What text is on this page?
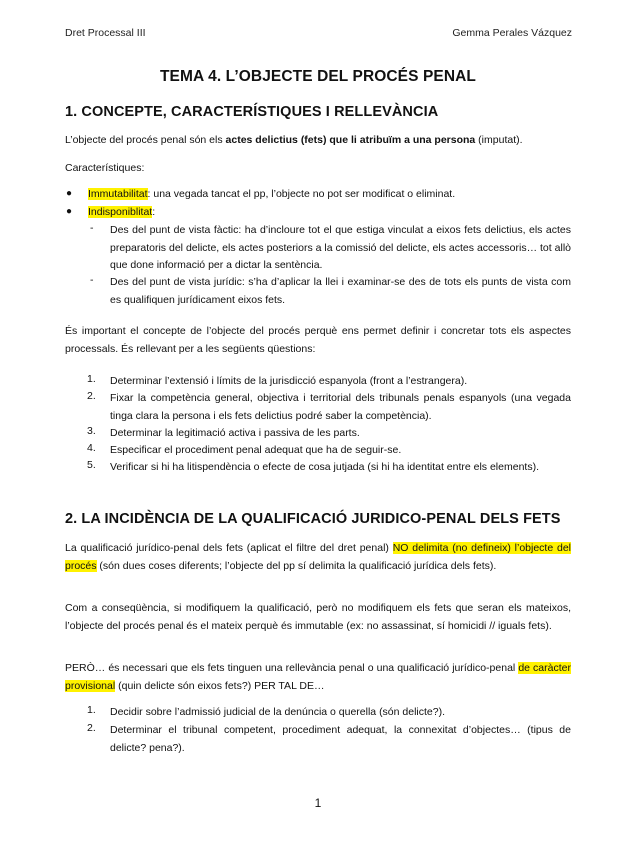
Dret Processal III	Gemma Perales Vázquez
TEMA 4. L’OBJECTE DEL PROCÉS PENAL
1. CONCEPTE, CARACTERÍSTIQUES I RELLEVÀNCIA
L’objecte del procés penal són els actes delictius (fets) que li atribuïm a una persona (imputat).
Característiques:
● Immutabilitat: una vegada tancat el pp, l’objecte no pot ser modificat o eliminat.
● Indisponiblitat:
- Des del punt de vista fàctic: ha d’incloure tot el que estiga vinculat a eixos fets delictius, els actes preparatoris del delicte, els actes posteriors a la comissió del delicte, els actes accessoris… tot allò que done informació per a dictar la sentència.
- Des del punt de vista jurídic: s’ha d’aplicar la llei i examinar-se des de tots els punts de vista com es qualifiquen jurídicament eixos fets.
És important el concepte de l’objecte del procés perquè ens permet definir i concretar tots els aspectes processals. És rellevant per a les següents qüestions:
1. Determinar l’extensió i límits de la jurisdicció espanyola (front a l’estrangera).
2. Fixar la competència general, objectiva i territorial dels tribunals penals espanyols (una vegada tinga clara la persona i els fets delictius podré saber la competència).
3. Determinar la legitimació activa i passiva de les parts.
4. Especificar el procediment penal adequat que ha de seguir-se.
5. Verificar si hi ha litispendència o efecte de cosa jutjada (si hi ha identitat entre els elements).
2. LA INCIDÈNCIA DE LA QUALIFICACIÓ JURIDICO-PENAL DELS FETS
La qualificació jurídico-penal dels fets (aplicat el filtre del dret penal) NO delimita (no defineix) l’objecte del procés (són dues coses diferents; l’objecte del pp sí delimita la qualificació jurídica dels fets).
Com a conseqüència, si modifiquem la qualificació, però no modifiquem els fets que seran els mateixos, l’objecte del procés penal és el mateix perquè és immutable (ex: no assassinat, sí homicidi // iguals fets).
PERÒ… és necessari que els fets tinguen una rellevància penal o una qualificació jurídico-penal de caràcter provisional (quin delicte són eixos fets?) PER TAL DE…
1. Decidir sobre l’admissió judicial de la denúncia o querella (són delicte?).
2. Determinar el tribunal competent, procediment adequat, la connexitat d’objectes… (tipus de delicte? pena?).
1
